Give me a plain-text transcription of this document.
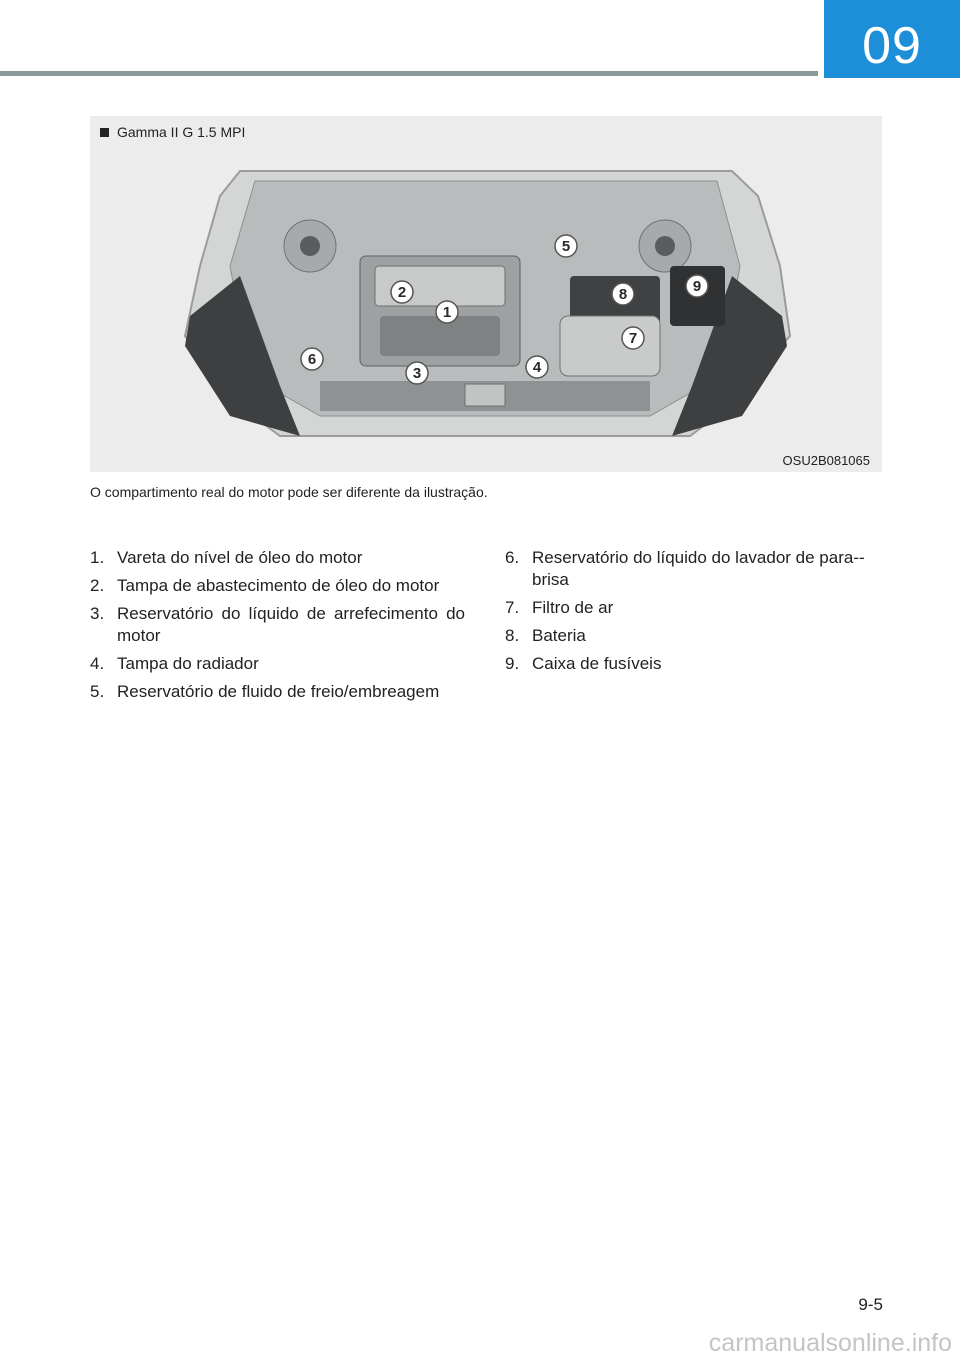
09
1
2
3	4
5
6
7
8	9
Gamma II G 1.5 MPI
OSU2B081065
O compartimento real do motor pode ser diferente da ilustração.
1. Vareta do nível de óleo do motor
2. Tampa de abastecimento de óleo do motor
3. Reservatório do líquido de arrefecimento do motor
4. Tampa do radiador
5. Reservatório de fluido de freio/embreagem
6. Reservatório do líquido do lavador de para--brisa
7. Filtro de ar
8. Bateria
9. Caixa de fusíveis
9-5
carmanualsonline.info
